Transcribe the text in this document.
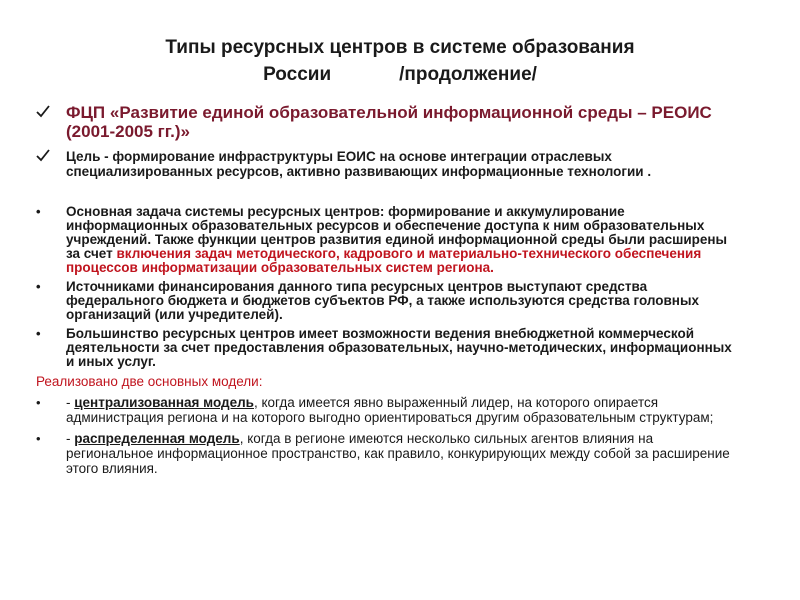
Типы ресурсных центров в системе образования
России	/продолжение/
ФЦП «Развитие единой образовательной информационной среды – РЕОИС (2001-2005 гг.)»
Цель - формирование инфраструктуры ЕОИС на основе интеграции отраслевых специализированных ресурсов, активно развивающих информационные технологии .
• Основная задача системы ресурсных центров: формирование и аккумулирование информационных образовательных ресурсов и обеспечение доступа к ним образовательных учреждений. Также функции центров развития единой информационной среды были расширены за счет включения задач методического, кадрового и материально-технического обеспечения процессов информатизации образовательных систем региона.
• Источниками финансирования данного типа ресурсных центров выступают средства федерального бюджета и бюджетов субъектов РФ, а также используются средства головных организаций (или учредителей).
• Большинство ресурсных центров имеет возможности ведения внебюджетной коммерческой деятельности за счет предоставления образовательных, научно-методических, информационных и иных услуг.
Реализовано две основных модели:
• - централизованная модель, когда имеется явно выраженный лидер, на которого опирается администрация региона и на которого выгодно ориентироваться другим образовательным структурам;
• - распределенная модель, когда в регионе имеются несколько сильных агентов влияния на региональное информационное пространство, как правило, конкурирующих между собой за расширение этого влияния.
